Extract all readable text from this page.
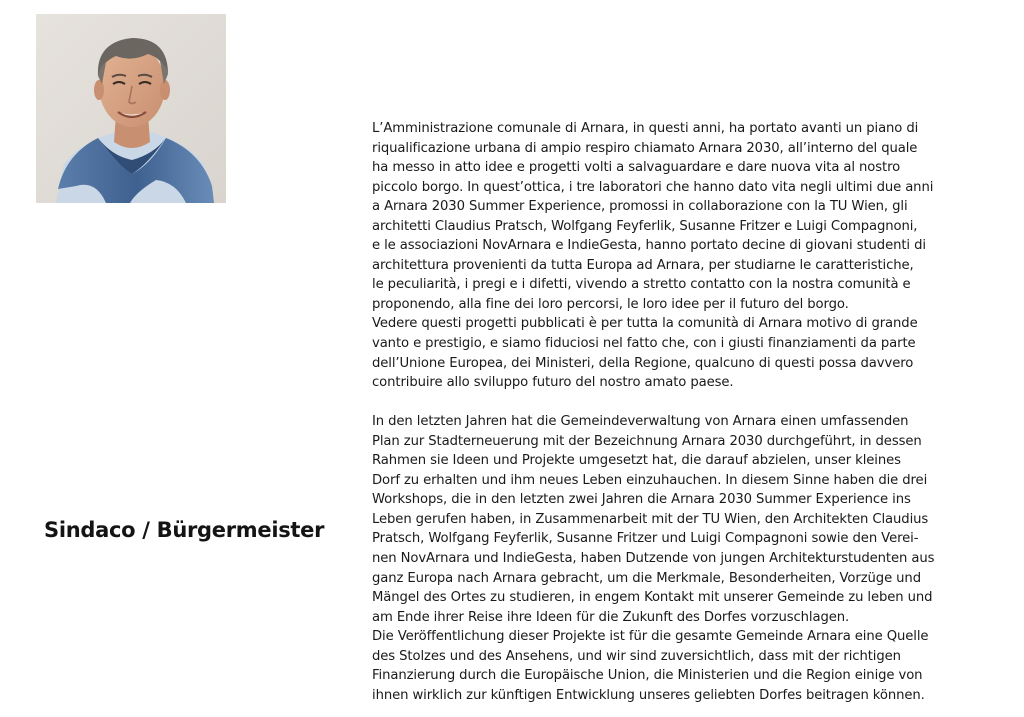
Sindaco / Bürgermeister

L’Amministrazione comunale di Arnara, in questi anni, ha portato avanti un piano di
riqualificazione urbana di ampio respiro chiamato Arnara 2030, all’interno del quale
ha messo in atto idee e progetti volti a salvaguardare e dare nuova vita al nostro
piccolo borgo. In quest’ottica, i tre laboratori che hanno dato vita negli ultimi due anni
a Arnara 2030 Summer Experience, promossi in collaborazione con la TU Wien, gli
architetti Claudius Pratsch, Wolfgang Feyferlik, Susanne Fritzer e Luigi Compagnoni,
e le associazioni NovArnara e IndieGesta, hanno portato decine di giovani studenti di
architettura provenienti da tutta Europa ad Arnara, per studiarne le caratteristiche,
le peculiarità, i pregi e i difetti, vivendo a stretto contatto con la nostra comunità e
proponendo, alla fine dei loro percorsi, le loro idee per il futuro del borgo.
Vedere questi progetti pubblicati è per tutta la comunità di Arnara motivo di grande
vanto e prestigio, e siamo fiduciosi nel fatto che, con i giusti finanziamenti da parte
dell’Unione Europea, dei Ministeri, della Regione, qualcuno di questi possa davvero
contribuire allo sviluppo futuro del nostro amato paese.

In den letzten Jahren hat die Gemeindeverwaltung von Arnara einen umfassenden
Plan zur Stadterneuerung mit der Bezeichnung Arnara 2030 durchgeführt, in dessen
Rahmen sie Ideen und Projekte umgesetzt hat, die darauf abzielen, unser kleines
Dorf zu erhalten und ihm neues Leben einzuhauchen. In diesem Sinne haben die drei
Workshops, die in den letzten zwei Jahren die Arnara 2030 Summer Experience ins
Leben gerufen haben, in Zusammenarbeit mit der TU Wien, den Architekten Claudius
Pratsch, Wolfgang Feyferlik, Susanne Fritzer und Luigi Compagnoni sowie den Verei-
nen NovArnara und IndieGesta, haben Dutzende von jungen Architekturstudenten aus
ganz Europa nach Arnara gebracht, um die Merkmale, Besonderheiten, Vorzüge und
Mängel des Ortes zu studieren, in engem Kontakt mit unserer Gemeinde zu leben und
am Ende ihrer Reise ihre Ideen für die Zukunft des Dorfes vorzuschlagen.
Die Veröffentlichung dieser Projekte ist für die gesamte Gemeinde Arnara eine Quelle
des Stolzes und des Ansehens, und wir sind zuversichtlich, dass mit der richtigen
Finanzierung durch die Europäische Union, die Ministerien und die Region einige von
ihnen wirklich zur künftigen Entwicklung unseres geliebten Dorfes beitragen können.
